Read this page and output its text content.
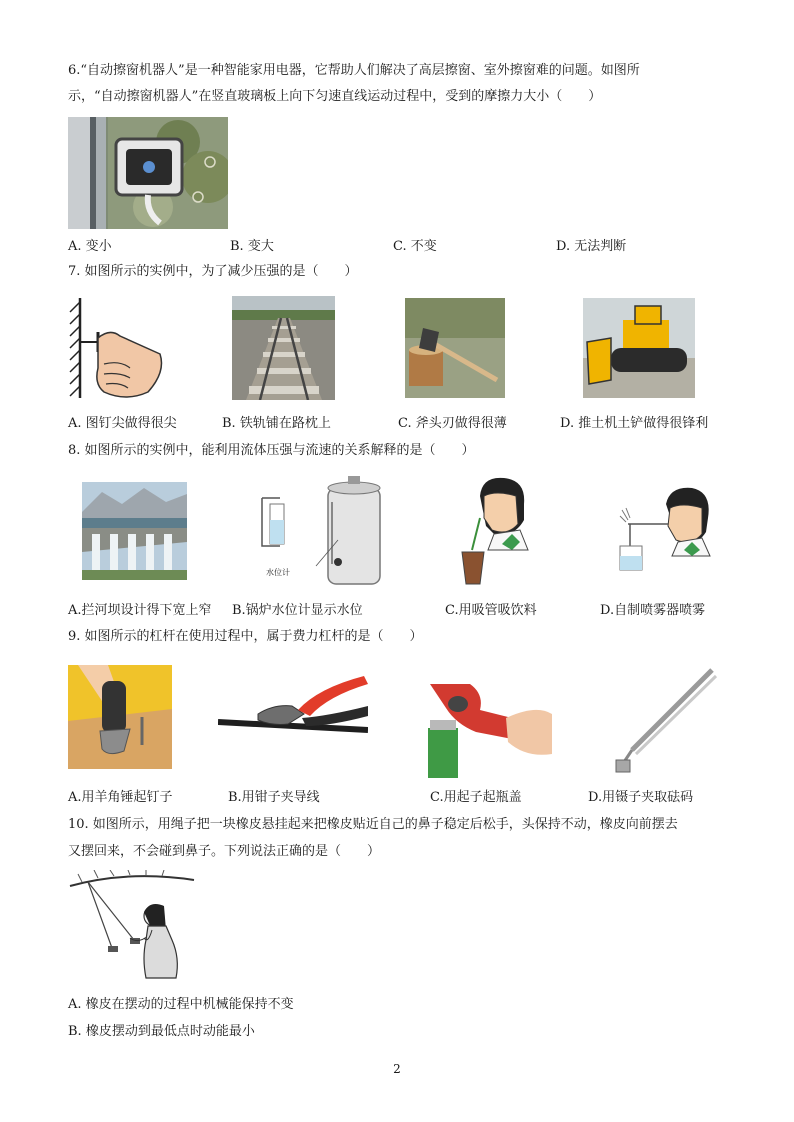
6.“自动擦窗机器人”是一种智能家用电器，它帮助人们解决了高层擦窗、室外擦窗难的问题。如图所
示，“自动擦窗机器人”在竖直玻璃板上向下匀速直线运动过程中，受到的摩擦力大小（　　）
A. 变小	B. 变大	C. 不变	D. 无法判断
7. 如图所示的实例中，为了减少压强的是（　　）
A. 图钉尖做得很尖	B. 铁轨铺在路枕上	C. 斧头刃做得很薄	D. 推土机土铲做得很锋利
8. 如图所示的实例中，能利用流体压强与流速的关系解释的是（　　）
水位计
A.拦河坝设计得下宽上窄 B.锅炉水位计显示水位	C.用吸管吸饮料	D.自制喷雾器喷雾
9. 如图所示的杠杆在使用过程中，属于费力杠杆的是（　　）
A.用羊角锤起钉子	B.用钳子夹导线	C.用起子起瓶盖	D.用镊子夹取砝码
10. 如图所示，用绳子把一块橡皮悬挂起来把橡皮贴近自己的鼻子稳定后松手，头保持不动，橡皮向前摆去
又摆回来，不会碰到鼻子。下列说法正确的是（　　）
A. 橡皮在摆动的过程中机械能保持不变
B. 橡皮摆动到最低点时动能最小
2
